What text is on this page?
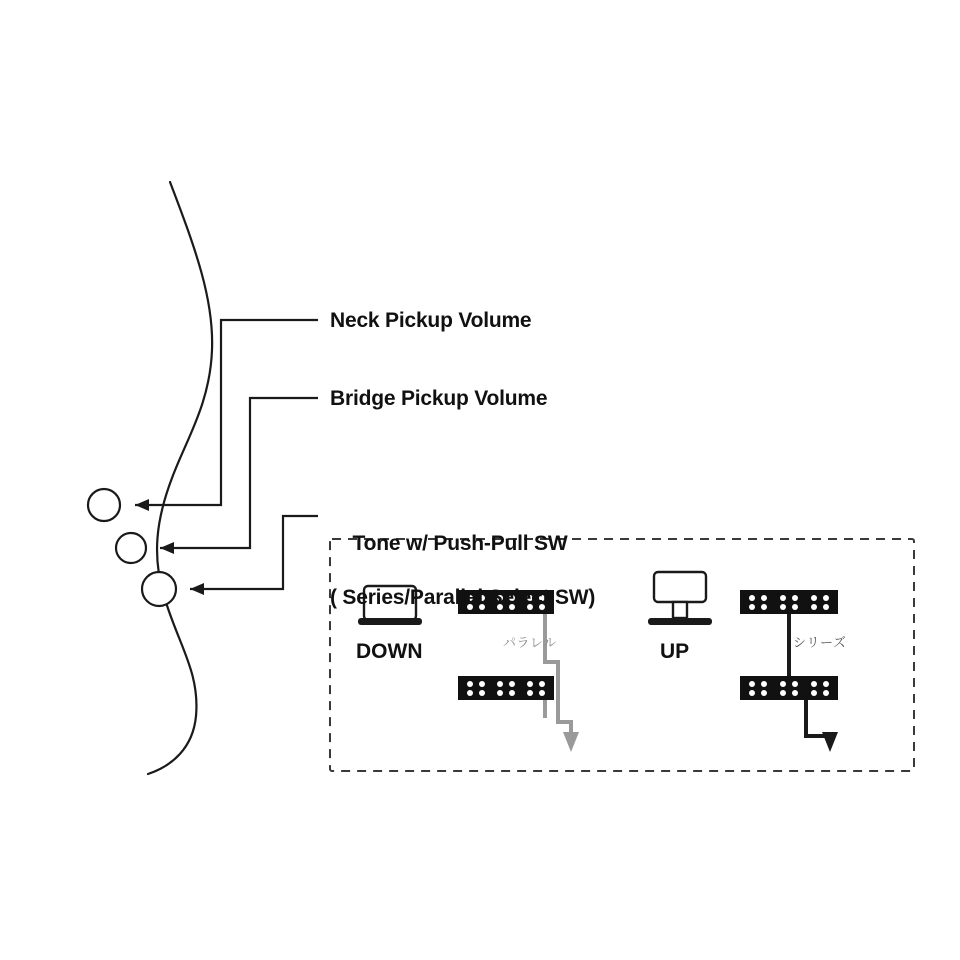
Neck Pickup Volume
Bridge Pickup Volume

Tone w/ Push-Pull SW

( Series/Parallel Select SW)

DOWN	UP
パラレル	シリーズ
